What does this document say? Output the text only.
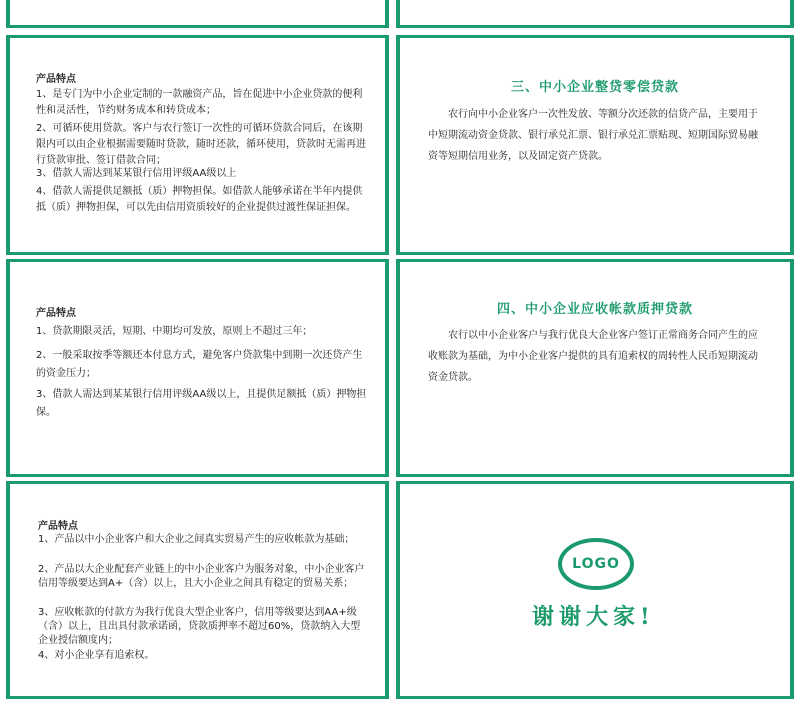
产品特点
1、是专门为中小企业定制的一款融资产品，旨在促进中小企业贷款的便利性和灵活性，节约财务成本和转贷成本；
2、可循环使用贷款。客户与农行签订一次性的可循环贷款合同后，在该期限内可以由企业根据需要随时贷款，随时还款，循环使用，贷款时无需再进行贷款审批、签订借款合同；
3、借款人需达到某某银行信用评级AA级以上
4、借款人需提供足额抵（质）押物担保。如借款人能够承诺在半年内提供抵（质）押物担保，可以先由信用资质较好的企业提供过渡性保证担保。
三、中小企业整贷零偿贷款
农行向中小企业客户一次性发放、等额分次还款的信贷产品，主要用于中短期流动资金贷款、银行承兑汇票、银行承兑汇票贴现、短期国际贸易融资等短期信用业务，以及固定资产贷款。
产品特点
1、贷款期限灵活，短期、中期均可发放，原则上不超过三年；
2、一般采取按季等额还本付息方式，避免客户贷款集中到期一次还贷产生的资金压力；
3、借款人需达到某某银行信用评级AA级以上，且提供足额抵（质）押物担保。
四、中小企业应收帐款质押贷款
农行以中小企业客户与我行优良大企业客户签订正常商务合同产生的应收账款为基础，为中小企业客户提供的具有追索权的周转性人民币短期流动资金贷款。
产品特点
1、产品以中小企业客户和大企业之间真实贸易产生的应收帐款为基础；
2、产品以大企业配套产业链上的中小企业客户为服务对象，中小企业客户信用等级要达到A+（含）以上，且大小企业之间具有稳定的贸易关系；
3、应收帐款的付款方为我行优良大型企业客户，信用等级要达到AA+级（含）以上，且出具付款承诺函，贷款质押率不超过60%，贷款纳入大型企业授信额度内；
4、对小企业享有追索权。
LOGO
谢谢大家!
